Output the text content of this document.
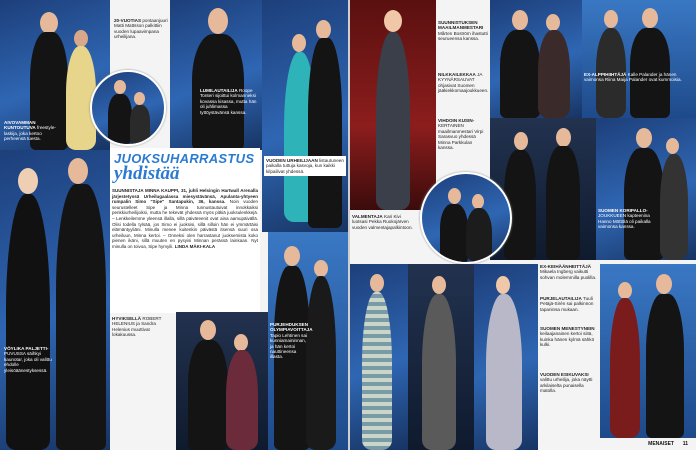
AIVOVAMMAN KUNTOUTUVA freestyle-laskija, joka kertoo perheensä tuesta.
20-VUOTIAS pontaanjuuri Matti Mattsson palkittiin vuoden lupaavimpana urheilijana.
LUMILAUTAILIJA Roope Tonteri sijoittui kolmanneksi kovassa kisassa, mutta hän oli juhlimassa tyttöystävänsä kanssa.
VUODEN URHEILIJAAN listautuneen paikalla tuttuja kasvoja, kun kaikki kilpailivat yhdessä.
JUOKSUHARRASTUS
yhdistää
SUUNNISTAJA MINNA KAUPPI, 31, juhli Helsingin Hartwall Arenalla järjestetyssä Urheilugaalassa miesystävänsä, Apulanta-yhtyeen rumpalin Simo "Sipe" Santapukin, 36, kanssa. Noin vuoden seurustelleet Sipe ja Minna tunnustautuivat innokkaiksi penkkiurheilijoiksi, mutta he tekevät yhdessä myös pitkiä juoksulenkkejä. – Lenkkeilemme yleensä illalla, sillä päiväreenit ovat aina aamupäivällä. Olisi todella tylsää, jos Simo ei juoksisi, sillä silloin hän ei ymmärtäisi elämäntyyliäni. Minulla menee kuitenkin päivästä itsensä suuri osa urheiluun, Minna kertoi. – Onneksi olen harrastanut juoksemista koko pienen ikäni, sillä muuten en pysyisi Minnan perässä lainkaan. Nyt minulla on toivoa, Sipe hymyili. LINDA MÄKI-KALA
VÖYLIKA PALJETTI- PUVUSSA säihkyi kaunotar, joka oli valittu ehdolle yleisöäänestyksessä.
HYVIKSELLÄ ROBERT HELENIUS ja Sandra Helenius muuttivat lokakuussa.
PURJEHDUKSEN OLYMPIAVOITTAJA Tapio Lehtinen sai kunniamaininnan, ja hän kertoi nauttineensa illasta.
SUUNNISTUKSEN MAAILMANMESTARI Mårten Boström ihastutti seurueensa kanssa.
NILKKAILEKKAA JA KYYNÄRSAUVAT ohjasivat Suomen jääkiekkomaajoukkueen.
VIHDOIN KUSIN- KERTAINEN maailmanmestari Virpi Sarasvuo yhdessä Minna Parkkulan kanssa.
EX-ALPPIHIIHTÄJÄ Kalle Palander ja hänen vaimonsa Riina Maija Palander ovat kummoisia.
SUOMEN KORIPALLO- JOUKKUEEN kapteenina Hanno Möttölä oli paikalla vaimonsa kanssa.
VALMENTAJA Kari Kivi luotsasi Pekka Ruokojärven vuoden valmentajapalkintoon.
EX-KEIHÄÄNHEITTÄJÄ Mikaela Ingberg vaikutti sohvan molemmilla puolilla.
PURJELAUTAILIJA Tuuli Petäjä-Sirén sai palkinnon tapaninsa mukaan.
SUOMEN MENESTYNEIN keilaajanainen kertoi siitä, kuinka hänen kylmä sähkö kulki.
VUODEN ESIKUVAKSI valittu urheilija, joka näytti arkilaiselta punaisella matolla.
MENAISET 11
